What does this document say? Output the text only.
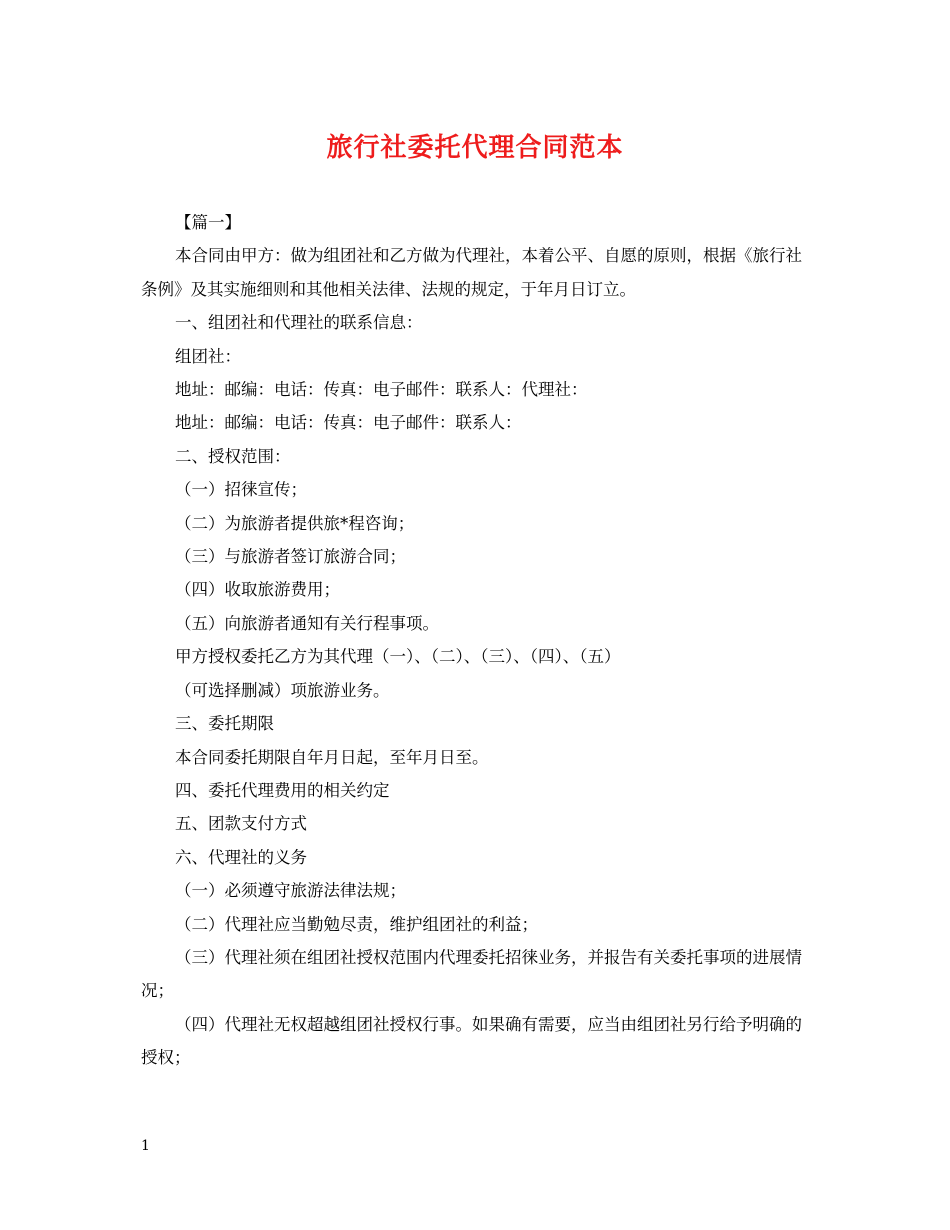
旅行社委托代理合同范本

【篇一】

本合同由甲方：做为组团社和乙方做为代理社，本着公平、自愿的原则，根据《旅行社条例》及其实施细则和其他相关法律、法规的规定，于年月日订立。

一、组团社和代理社的联系信息：

组团社：

地址：邮编：电话：传真：电子邮件：联系人：代理社：

地址：邮编：电话：传真：电子邮件：联系人：

二、授权范围：

（一）招徕宣传；

（二）为旅游者提供旅*程咨询；

（三）与旅游者签订旅游合同；

（四）收取旅游费用；

（五）向旅游者通知有关行程事项。

甲方授权委托乙方为其代理（一）、（二）、（三）、（四）、（五）

（可选择删减）项旅游业务。

三、委托期限

本合同委托期限自年月日起，至年月日至。

四、委托代理费用的相关约定

五、团款支付方式

六、代理社的义务

（一）必须遵守旅游法律法规；

（二）代理社应当勤勉尽责，维护组团社的利益；

（三）代理社须在组团社授权范围内代理委托招徕业务，并报告有关委托事项的进展情况；

（四）代理社无权超越组团社授权行事。如果确有需要，应当由组团社另行给予明确的授权；

1
